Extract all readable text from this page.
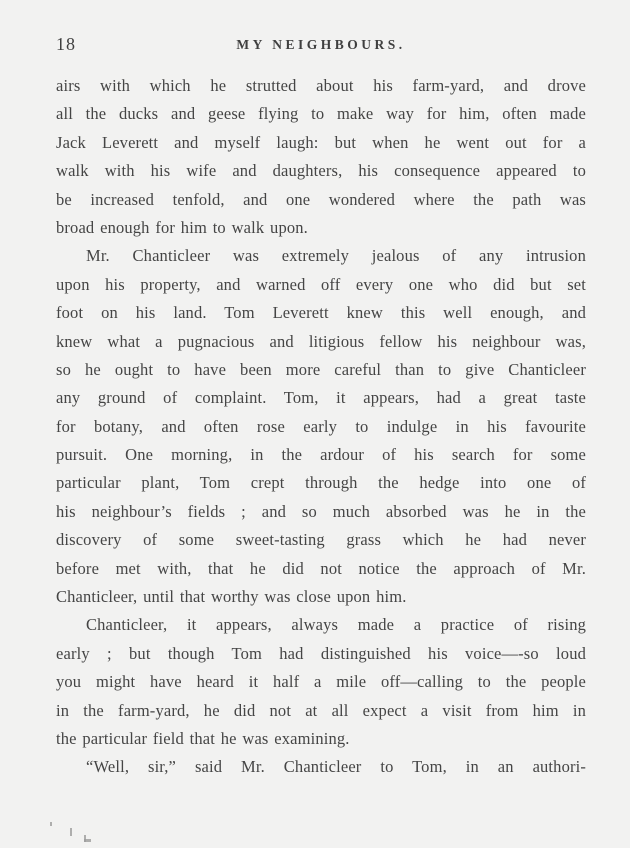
18	MY NEIGHBOURS.
airs with which he strutted about his farm-yard, and drove
all the ducks and geese flying to make way for him, often made
Jack Leverett and myself laugh: but when he went out for a
walk with his wife and daughters, his consequence appeared to
be increased tenfold, and one wondered where the path was
broad enough for him to walk upon.
Mr. Chanticleer was extremely jealous of any intrusion
upon his property, and warned off every one who did but set
foot on his land. Tom Leverett knew this well enough, and
knew what a pugnacious and litigious fellow his neighbour was,
so he ought to have been more careful than to give Chanticleer
any ground of complaint. Tom, it appears, had a great taste
for botany, and often rose early to indulge in his favourite
pursuit. One morning, in the ardour of his search for some
particular plant, Tom crept through the hedge into one of
his neighbour’s fields ; and so much absorbed was he in the
discovery of some sweet-tasting grass which he had never
before met with, that he did not notice the approach of Mr.
Chanticleer, until that worthy was close upon him.
Chanticleer, it appears, always made a practice of rising
early ; but though Tom had distinguished his voice—-so loud
you might have heard it half a mile off—calling to the people
in the farm-yard, he did not at all expect a visit from him in
the particular field that he was examining.
“Well, sir,” said Mr. Chanticleer to Tom, in an authori-
